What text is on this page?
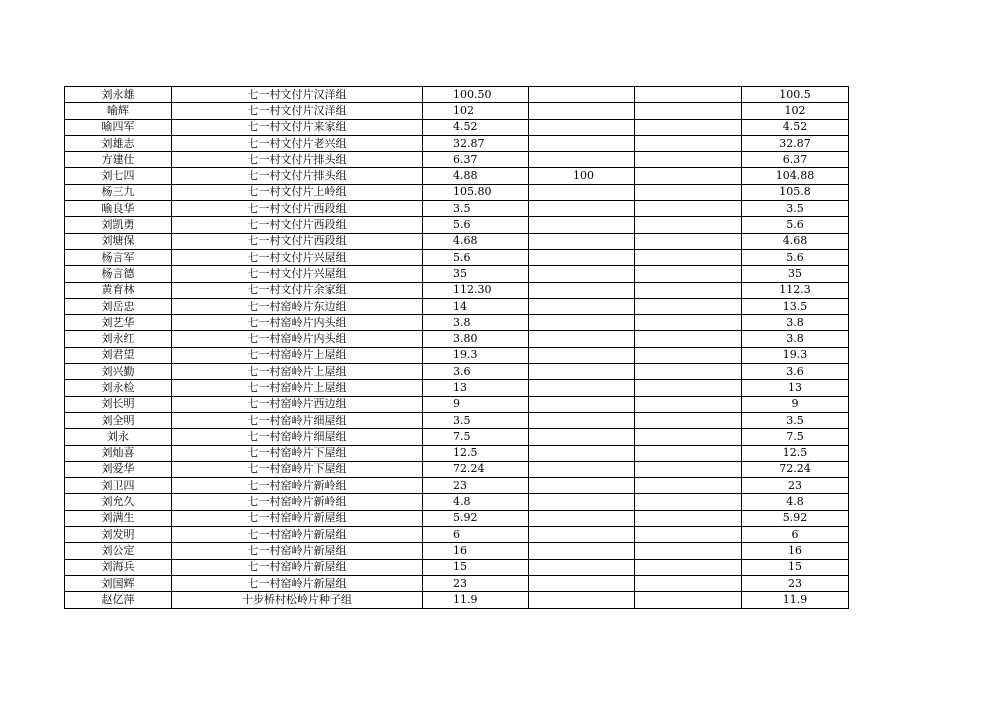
刘永雄	七一村文付片汉洋组	100.50			100.5
喻辉	七一村文付片汉洋组	102			102
喻四军	七一村文付片来家组	4.52			4.52
刘雄志	七一村文付片老兴组	32.87			32.87
方建仕	七一村文付片排头组	6.37			6.37
刘七四	七一村文付片排头组	4.88	100		104.88
杨三九	七一村文付片上岭组	105.80			105.8
喻良华	七一村文付片西段组	3.5			3.5
刘凯勇	七一村文付片西段组	5.6			5.6
刘塘保	七一村文付片西段组	4.68			4.68
杨言军	七一村文付片兴屋组	5.6			5.6
杨言德	七一村文付片兴屋组	35			35
黄育林	七一村文付片余家组	112.30			112.3
刘岳忠	七一村窑岭片东边组	14			13.5
刘艺华	七一村窑岭片内头组	3.8			3.8
刘永红	七一村窑岭片内头组	3.80			3.8
刘君望	七一村窑岭片上屋组	19.3			19.3
刘兴勤	七一村窑岭片上屋组	3.6			3.6
刘永检	七一村窑岭片上屋组	13			13
刘长明	七一村窑岭片西边组	9			9
刘全明	七一村窑岭片细屋组	3.5			3.5
刘永	七一村窑岭片细屋组	7.5			7.5
刘灿喜	七一村窑岭片下屋组	12.5			12.5
刘爱华	七一村窑岭片下屋组	72.24			72.24
刘卫四	七一村窑岭片新岭组	23			23
刘允久	七一村窑岭片新岭组	4.8			4.8
刘满生	七一村窑岭片新屋组	5.92			5.92
刘发明	七一村窑岭片新屋组	6			6
刘公定	七一村窑岭片新屋组	16			16
刘海兵	七一村窑岭片新屋组	15			15
刘国辉	七一村窑岭片新屋组	23			23
赵亿萍	十步桥村松岭片种子组	11.9			11.9
